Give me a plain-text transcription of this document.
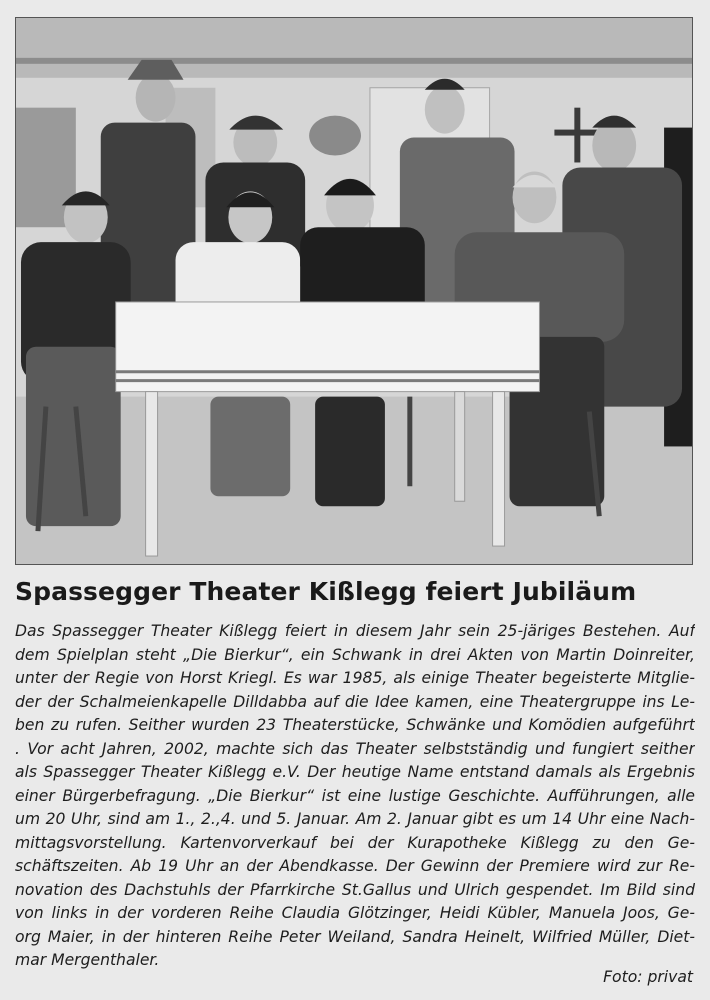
Spassegger Theater Kißlegg feiert Jubiläum
Das Spassegger Theater Kißlegg feiert in diesem Jahr sein 25-järiges Bestehen. Auf
dem Spielplan steht „Die Bierkur“, ein Schwank in drei Akten von Martin Doinreiter,
unter der Regie von Horst Kriegl. Es war 1985, als einige Theater begeisterte Mitglie-
der der Schalmeienkapelle Dilldabba auf die Idee kamen, eine Theatergruppe ins Le-
ben zu rufen. Seither wurden 23 Theaterstücke, Schwänke und Komödien aufgeführt
. Vor acht Jahren, 2002, machte sich das Theater selbstständig und fungiert seither
als Spassegger Theater Kißlegg e.V. Der heutige Name entstand damals als Ergebnis
einer Bürgerbefragung. „Die Bierkur“ ist eine lustige Geschichte. Aufführungen, alle
um 20 Uhr, sind am 1., 2.,4. und 5. Januar. Am 2. Januar gibt es um 14 Uhr eine Nach-
mittagsvorstellung. Kartenvorverkauf bei der Kurapotheke Kißlegg zu den Ge-
schäftszeiten. Ab 19 Uhr an der Abendkasse. Der Gewinn der Premiere wird zur Re-
novation des Dachstuhls der Pfarrkirche St.Gallus und Ulrich gespendet. Im Bild sind
von links in der vorderen Reihe Claudia Glötzinger, Heidi Kübler, Manuela Joos, Ge-
org Maier, in der hinteren Reihe Peter Weiland, Sandra Heinelt, Wilfried Müller, Diet-
mar Mergenthaler.

Foto: privat
